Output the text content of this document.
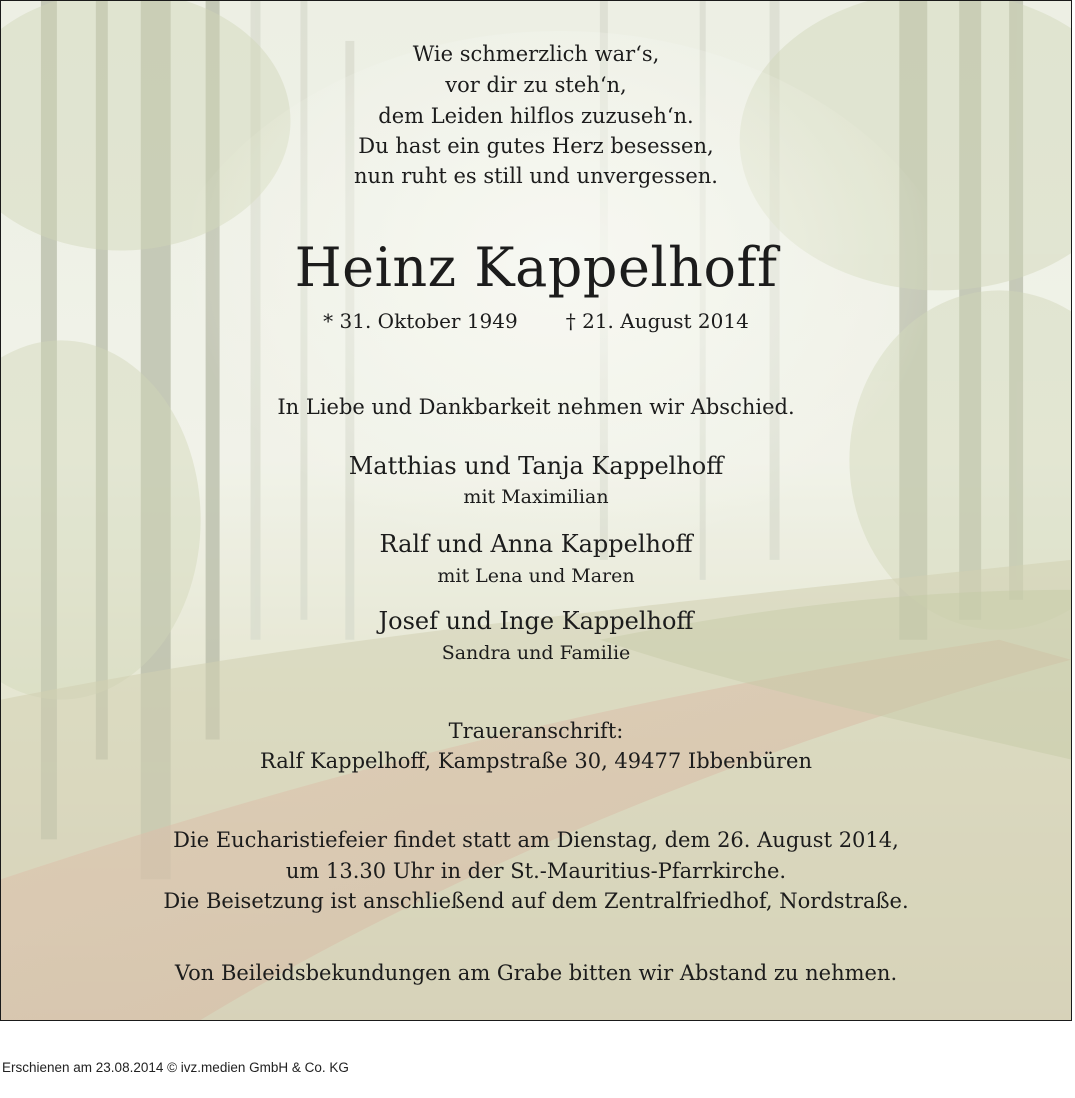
Wie schmerzlich war‘s,
vor dir zu steh‘n,
dem Leiden hilflos zuzuseh‘n.
Du hast ein gutes Herz besessen,
nun ruht es still und unvergessen.
Heinz Kappelhoff
* 31. Oktober 1949 † 21. August 2014
In Liebe und Dankbarkeit nehmen wir Abschied.
Matthias und Tanja Kappelhoff
mit Maximilian
Ralf und Anna Kappelhoff
mit Lena und Maren
Josef und Inge Kappelhoff
Sandra und Familie
Traueranschrift:
Ralf Kappelhoff, Kampstraße 30, 49477 Ibbenbüren
Die Eucharistiefeier findet statt am Dienstag, dem 26. August 2014,
um 13.30 Uhr in der St.-Mauritius-Pfarrkirche.
Die Beisetzung ist anschließend auf dem Zentralfriedhof, Nordstraße.
Von Beileidsbekundungen am Grabe bitten wir Abstand zu nehmen.
Erschienen am 23.08.2014 © ivz.medien GmbH & Co. KG
